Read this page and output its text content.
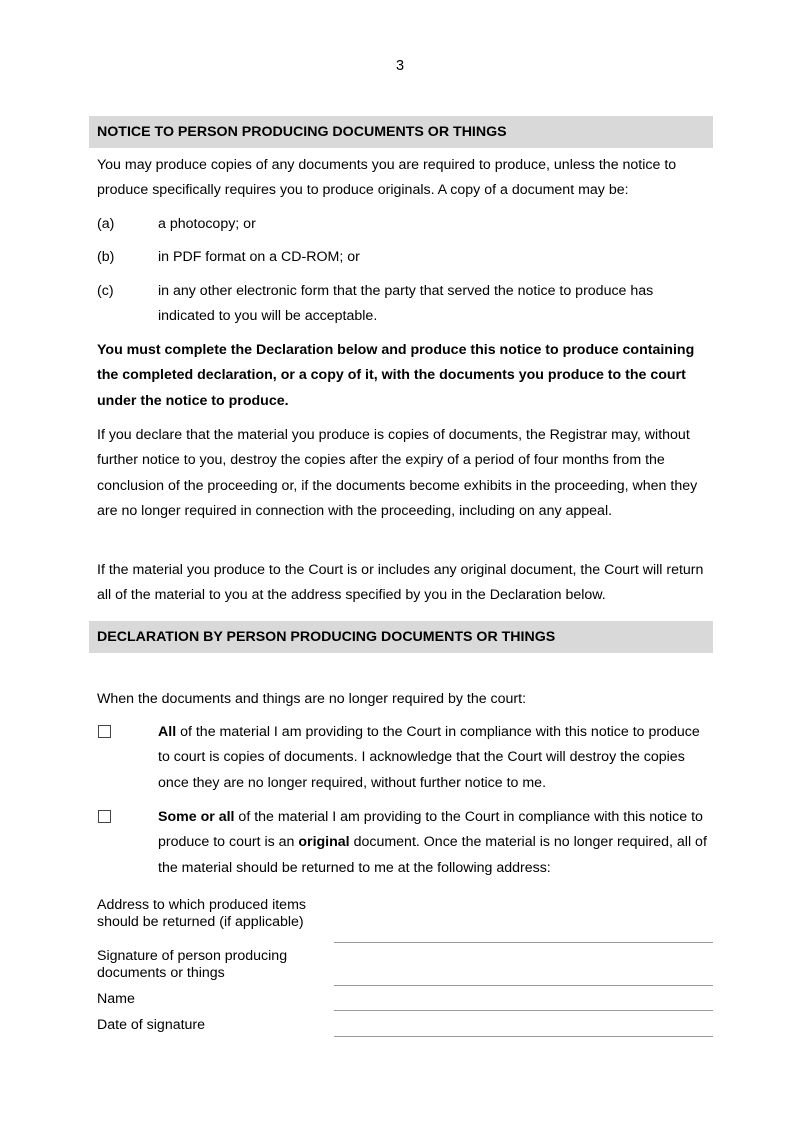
3
NOTICE TO PERSON PRODUCING DOCUMENTS OR THINGS

You may produce copies of any documents you are required to produce, unless the notice to produce specifically requires you to produce originals. A copy of a document may be:

(a)	a photocopy; or
(b)	in PDF format on a CD-ROM; or
(c)	in any other electronic form that the party that served the notice to produce has indicated to you will be acceptable.

You must complete the Declaration below and produce this notice to produce containing the completed declaration, or a copy of it, with the documents you produce to the court under the notice to produce.

If you declare that the material you produce is copies of documents, the Registrar may, without further notice to you, destroy the copies after the expiry of a period of four months from the conclusion of the proceeding or, if the documents become exhibits in the proceeding, when they are no longer required in connection with the proceeding, including on any appeal.

If the material you produce to the Court is or includes any original document, the Court will return all of the material to you at the address specified by you in the Declaration below.

DECLARATION BY PERSON PRODUCING DOCUMENTS OR THINGS

When the documents and things are no longer required by the court:

All of the material I am providing to the Court in compliance with this notice to produce to court is copies of documents. I acknowledge that the Court will destroy the copies once they are no longer required, without further notice to me.
Some or all of the material I am providing to the Court in compliance with this notice to produce to court is an original document. Once the material is no longer required, all of the material should be returned to me at the following address:
Address to which produced items should be returned (if applicable)
Signature of person producing documents or things
Name
Date of signature
